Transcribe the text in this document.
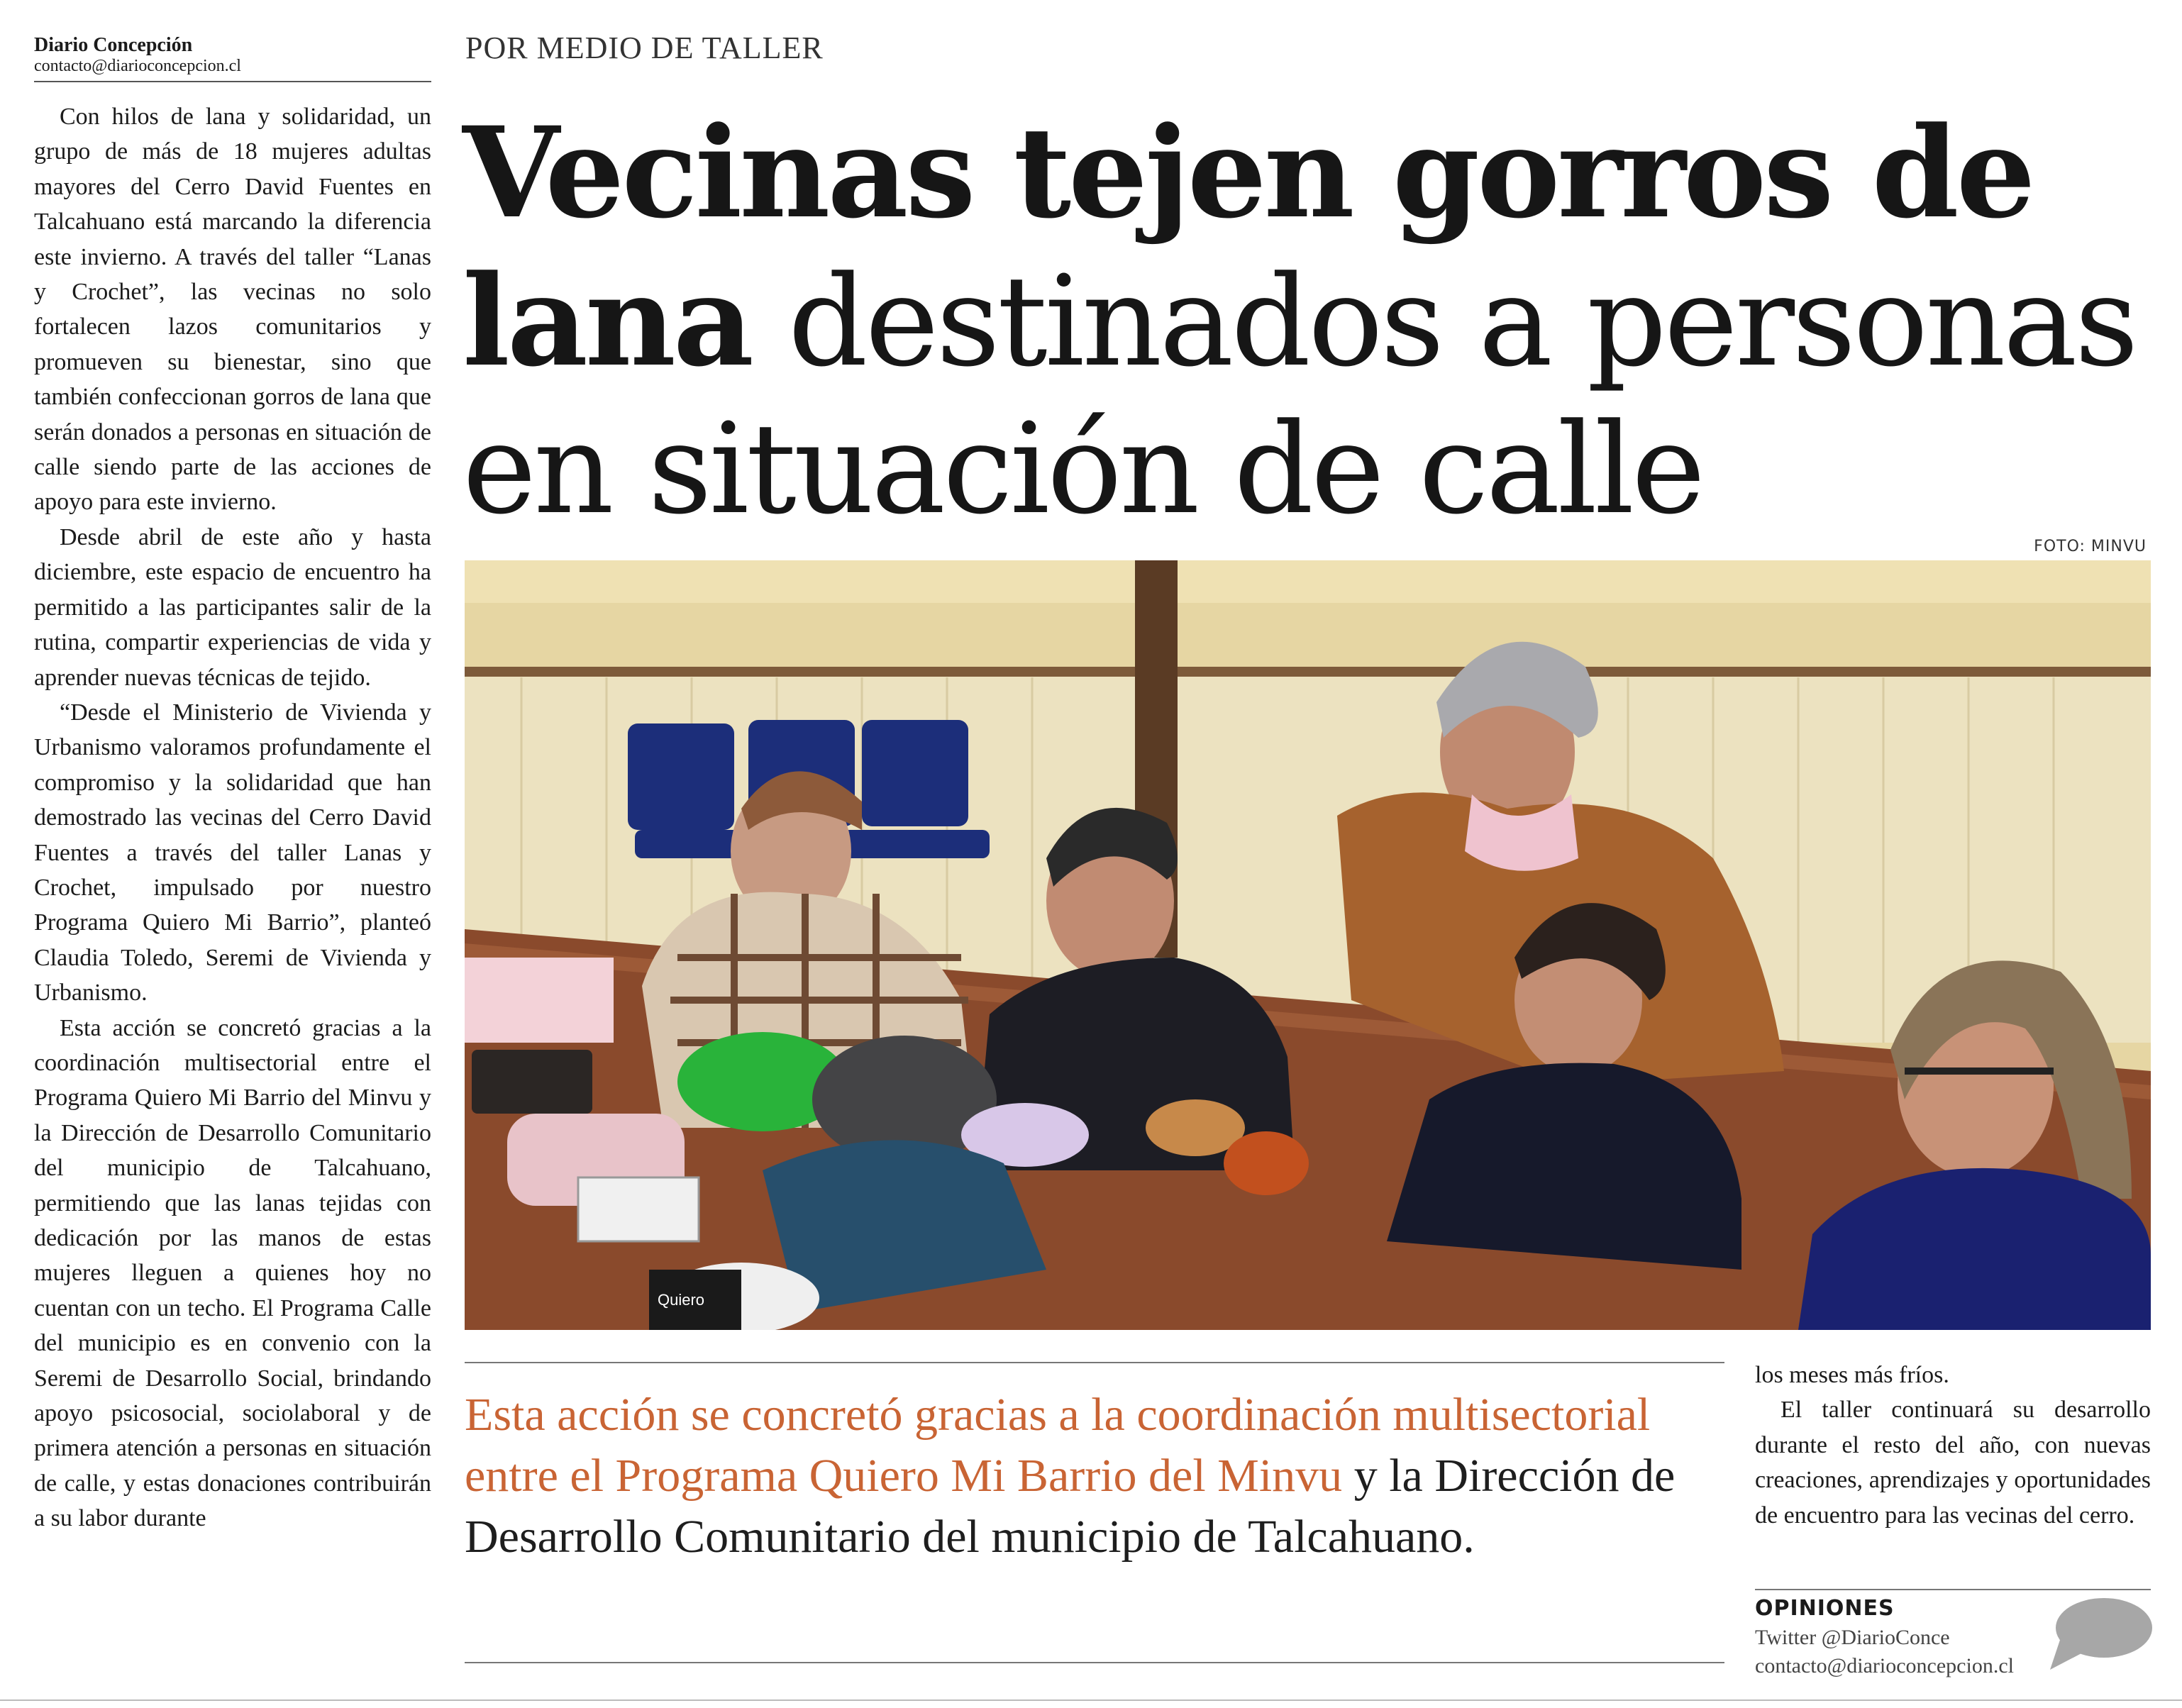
Diario Concepción
contacto@diarioconcepcion.cl

Con hilos de lana y solidaridad, un grupo de más de 18 mujeres adultas mayores del Cerro David Fuentes en Talcahuano está marcando la diferencia este invierno. A través del taller “Lanas y Crochet”, las vecinas no solo fortalecen lazos comunitarios y promueven su bienestar, sino que también confeccionan gorros de lana que serán donados a personas en situación de calle siendo parte de las acciones de apoyo para este invierno.

Desde abril de este año y hasta diciembre, este espacio de encuentro ha permitido a las participantes salir de la rutina, compartir experiencias de vida y aprender nuevas técnicas de tejido.

“Desde el Ministerio de Vivienda y Urbanismo valoramos profundamente el compromiso y la solidaridad que han demostrado las vecinas del Cerro David Fuentes a través del taller Lanas y Crochet, impulsado por nuestro Programa Quiero Mi Barrio”, planteó Claudia Toledo, Seremi de Vivienda y Urbanismo.

Esta acción se concretó gracias a la coordinación multisectorial entre el Programa Quiero Mi Barrio del Minvu y la Dirección de Desarrollo Comunitario del municipio de Talcahuano, permitiendo que las lanas tejidas con dedicación por las manos de estas mujeres lleguen a quienes hoy no cuentan con un techo. El Programa Calle del municipio es en convenio con la Seremi de Desarrollo Social, brindando apoyo psicosocial, sociolaboral y de primera atención a personas en situación de calle, y estas donaciones contribuirán a su labor durante

POR MEDIO DE TALLER
Vecinas tejen gorros de lana destinados a personas en situación de calle
FOTO: MINVU
Quiero

Esta acción se concretó gracias a la coordinación multisectorial entre el Programa Quiero Mi Barrio del Minvu y la Dirección de Desarrollo Comunitario del municipio de Talcahuano.

los meses más fríos.

El taller continuará su desarrollo durante el resto del año, con nuevas creaciones, aprendizajes y oportunidades de encuentro para las vecinas del cerro.

OPINIONES
Twitter @DiarioConce
contacto@diarioconcepcion.cl
